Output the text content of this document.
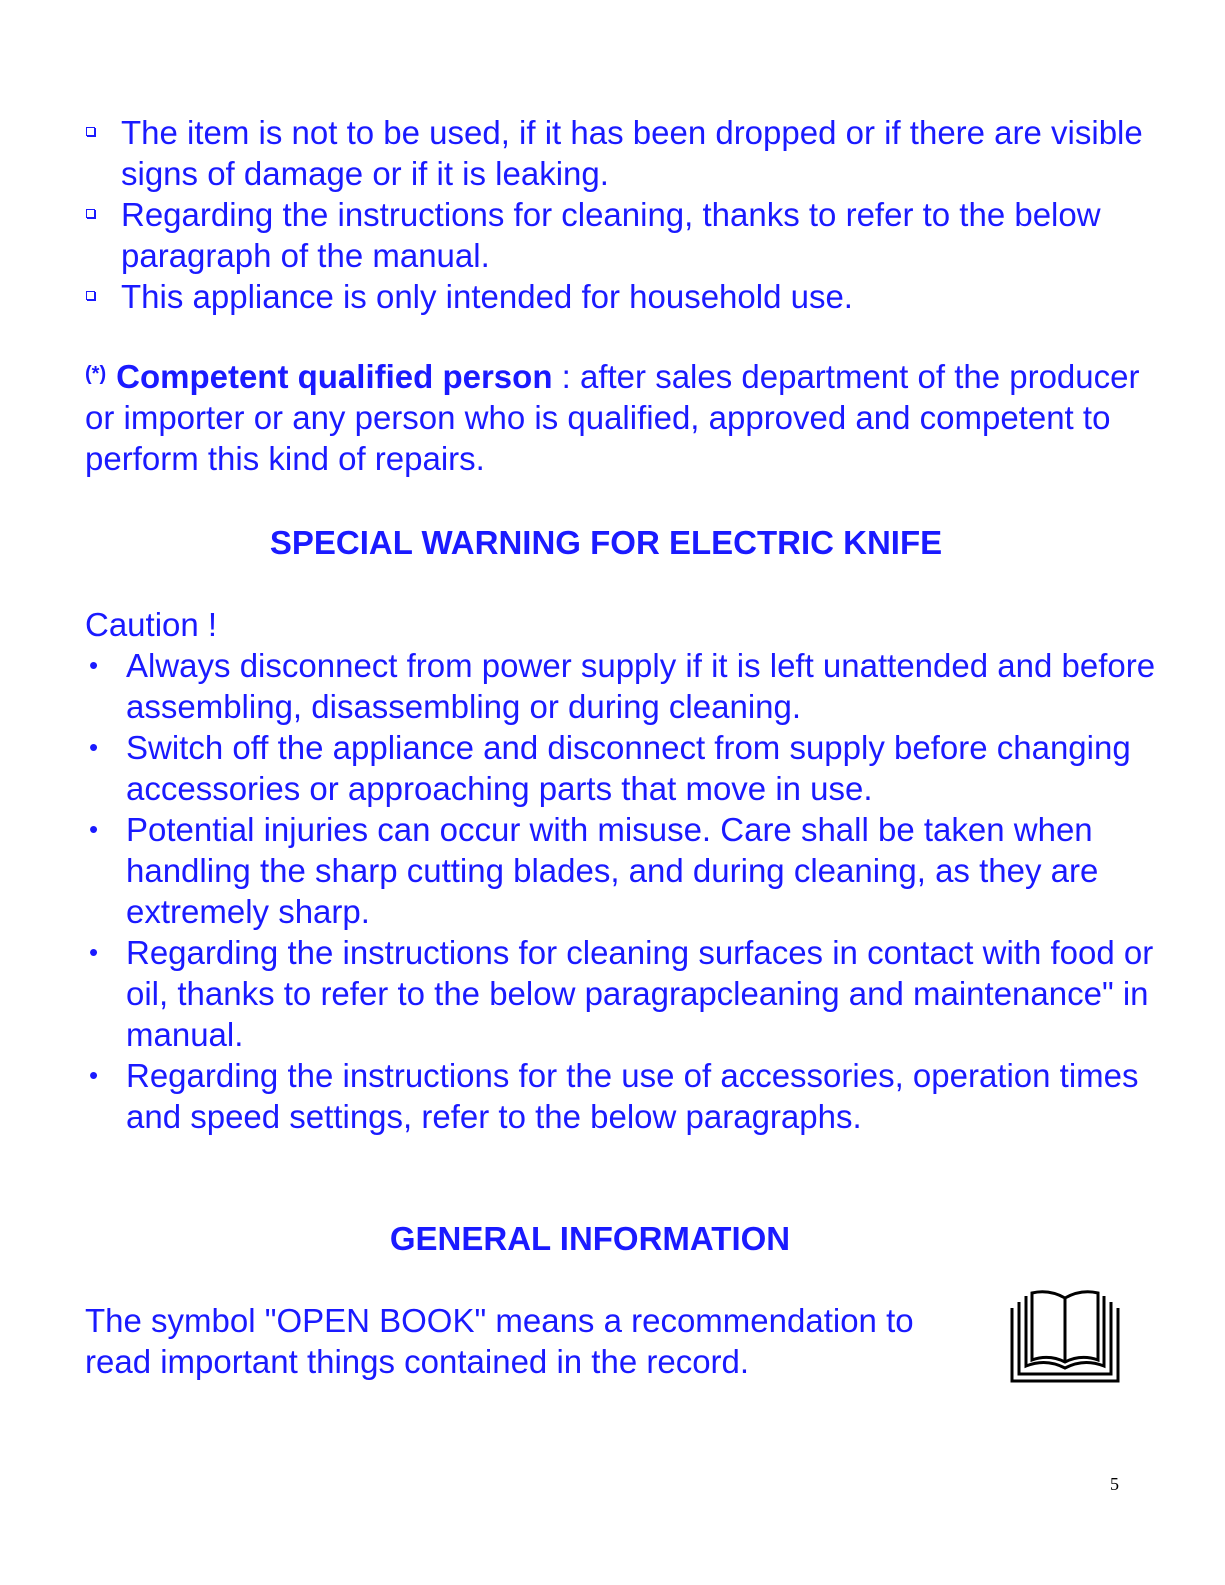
The item is not to be used, if it has been dropped or if there are visible signs of damage or if it is leaking.
Regarding the instructions for cleaning, thanks to refer to the below paragraph of the manual.
This appliance is only intended for household use.

(*) Competent qualified person : after sales department of the producer or importer or any person who is qualified, approved and competent to perform this kind of repairs.

SPECIAL WARNING FOR ELECTRIC KNIFE

Caution !

• Always disconnect from power supply if it is left unattended and before assembling, disassembling or during cleaning.
• Switch off the appliance and disconnect from supply before changing accessories or approaching parts that move in use.
• Potential injuries can occur with misuse. Care shall be taken when handling the sharp cutting blades, and during cleaning, as they are extremely sharp.
• Regarding the instructions for cleaning surfaces in contact with food or oil, thanks to refer to the below paragrapcleaning and maintenance" in manual.
• Regarding the instructions for the use of accessories, operation times and speed settings, refer to the below paragraphs.
GENERAL INFORMATION

The symbol "OPEN BOOK" means a recommendation to read important things contained in the record.

5
